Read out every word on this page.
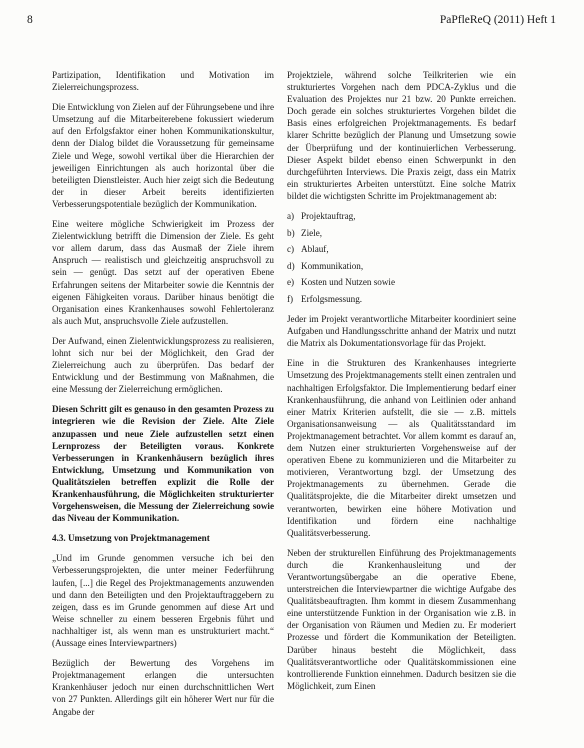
8	PaPfleReQ (2011) Heft 1

Partizipation, Identifikation und Motivation im Zielerreichungsprozess.

Die Entwicklung von Zielen auf der Führungsebene und ihre Umsetzung auf die Mitarbeiterebene fokussiert wiederum auf den Erfolgsfaktor einer hohen Kommunikationskultur, denn der Dialog bildet die Voraussetzung für gemeinsame Ziele und Wege, sowohl vertikal über die Hierarchien der jeweiligen Einrichtungen als auch horizontal über die beteiligten Dienstleister. Auch hier zeigt sich die Bedeutung der in dieser Arbeit bereits identifizierten Verbesserungspotentiale bezüglich der Kommunikation.

Eine weitere mögliche Schwierigkeit im Prozess der Zielentwicklung betrifft die Dimension der Ziele. Es geht vor allem darum, dass das Ausmaß der Ziele ihrem Anspruch — realistisch und gleichzeitig anspruchsvoll zu sein — genügt. Das setzt auf der operativen Ebene Erfahrungen seitens der Mitarbeiter sowie die Kenntnis der eigenen Fähigkeiten voraus. Darüber hinaus benötigt die Organisation eines Krankenhauses sowohl Fehlertoleranz als auch Mut, anspruchsvolle Ziele aufzustellen.

Der Aufwand, einen Zielentwicklungsprozess zu realisieren, lohnt sich nur bei der Möglichkeit, den Grad der Zielerreichung auch zu überprüfen. Das bedarf der Entwicklung und der Bestimmung von Maßnahmen, die eine Messung der Zielerreichung ermöglichen.

Diesen Schritt gilt es genauso in den gesamten Prozess zu integrieren wie die Revision der Ziele. Alte Ziele anzupassen und neue Ziele aufzustellen setzt einen Lernprozess der Beteiligten voraus. Konkrete Verbesserungen in Krankenhäusern bezüglich ihres Entwicklung, Umsetzung und Kommunikation von Qualitätszielen betreffen explizit die Rolle der Krankenhausführung, die Möglichkeiten strukturierter Vorgehensweisen, die Messung der Zielerreichung sowie das Niveau der Kommunikation.

4.3. Umsetzung von Projektmanagement

„Und im Grunde genommen versuche ich bei den Verbesserungsprojekten, die unter meiner Federführung laufen, [...] die Regel des Projektmanagements anzuwenden und dann den Beteiligten und den Projektauftraggebern zu zeigen, dass es im Grunde genommen auf diese Art und Weise schneller zu einem besseren Ergebnis führt und nachhaltiger ist, als wenn man es unstrukturiert macht.“ (Aussage eines Interviewpartners)

Bezüglich der Bewertung des Vorgehens im Projektmanagement erlangen die untersuchten Krankenhäuser jedoch nur einen durchschnittlichen Wert von 27 Punkten. Allerdings gilt ein höherer Wert nur für die Angabe der

Projektziele, während solche Teilkriterien wie ein strukturiertes Vorgehen nach dem PDCA-Zyklus und die Evaluation des Projektes nur 21 bzw. 20 Punkte erreichen. Doch gerade ein solches strukturiertes Vorgehen bildet die Basis eines erfolgreichen Projektmanagements. Es bedarf klarer Schritte bezüglich der Planung und Umsetzung sowie der Überprüfung und der kontinuierlichen Verbesserung. Dieser Aspekt bildet ebenso einen Schwerpunkt in den durchgeführten Interviews. Die Praxis zeigt, dass ein Matrix ein strukturiertes Arbeiten unterstützt. Eine solche Matrix bildet die wichtigsten Schritte im Projektmanagement ab:

a) Projektauftrag,
b) Ziele,
c) Ablauf,
d) Kommunikation,
e) Kosten und Nutzen sowie
f) Erfolgsmessung.

Jeder im Projekt verantwortliche Mitarbeiter koordiniert seine Aufgaben und Handlungsschritte anhand der Matrix und nutzt die Matrix als Dokumentationsvorlage für das Projekt.

Eine in die Strukturen des Krankenhauses integrierte Umsetzung des Projektmanagements stellt einen zentralen und nachhaltigen Erfolgsfaktor. Die Implementierung bedarf einer Krankenhausführung, die anhand von Leitlinien oder anhand einer Matrix Kriterien aufstellt, die sie — z.B. mittels Organisationsanweisung — als Qualitätsstandard im Projektmanagement betrachtet. Vor allem kommt es darauf an, dem Nutzen einer strukturierten Vorgehensweise auf der operativen Ebene zu kommunizieren und die Mitarbeiter zu motivieren, Verantwortung bzgl. der Umsetzung des Projektmanagements zu übernehmen. Gerade die Qualitätsprojekte, die die Mitarbeiter direkt umsetzen und verantworten, bewirken eine höhere Motivation und Identifikation und fördern eine nachhaltige Qualitätsverbesserung.

Neben der strukturellen Einführung des Projektmanagements durch die Krankenhausleitung und der Verantwortungsübergabe an die operative Ebene, unterstreichen die Interviewpartner die wichtige Aufgabe des Qualitätsbeauftragten. Ihm kommt in diesem Zusammenhang eine unterstützende Funktion in der Organisation wie z.B. in der Organisation von Räumen und Medien zu. Er moderiert Prozesse und fördert die Kommunikation der Beteiligten. Darüber hinaus besteht die Möglichkeit, dass Qualitätsverantwortliche oder Qualitätskommissionen eine kontrollierende Funktion einnehmen. Dadurch besitzen sie die Möglichkeit, zum Einen
